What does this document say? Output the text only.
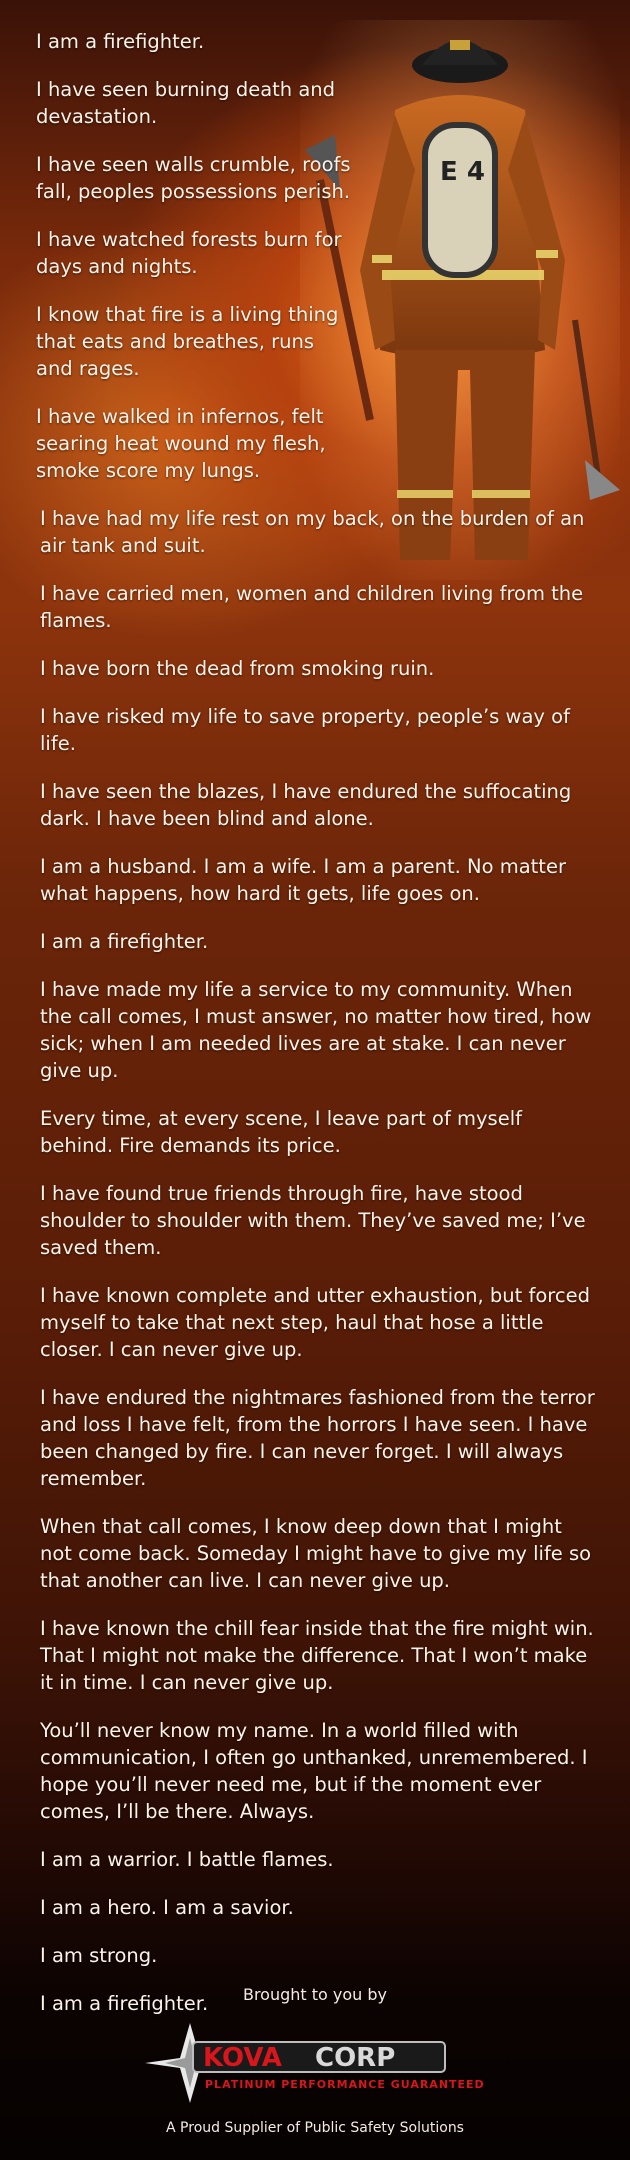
E 4

I am a firefighter.

I have seen burning death and devastation.

I have seen walls crumble, roofs fall, peoples possessions perish.

I have watched forests burn for days and nights.

I know that fire is a living thing that eats and breathes, runs and rages.

I have walked in infernos, felt searing heat wound my flesh, smoke score my lungs.

I have had my life rest on my back, on the burden of an air tank and suit.

I have carried men, women and children living from the flames.

I have born the dead from smoking ruin.

I have risked my life to save property, people’s way of life.

I have seen the blazes, I have endured the suffocating dark. I have been blind and alone.

I am a husband. I am a wife. I am a parent. No matter what happens, how hard it gets, life goes on.

I am a firefighter.

I have made my life a service to my community. When the call comes, I must answer, no matter how tired, how sick; when I am needed lives are at stake. I can never give up.

Every time, at every scene, I leave part of myself behind. Fire demands its price.

I have found true friends through fire, have stood shoulder to shoulder with them. They’ve saved me; I’ve saved them.

I have known complete and utter exhaustion, but forced myself to take that next step, haul that hose a little closer. I can never give up.

I have endured the nightmares fashioned from the terror and loss I have felt, from the horrors I have seen. I have been changed by fire. I can never forget. I will always remember.

When that call comes, I know deep down that I might not come back. Someday I might have to give my life so that another can live. I can never give up.

I have known the chill fear inside that the fire might win. That I might not make the difference. That I won’t make it in time. I can never give up.

You’ll never know my name. In a world filled with communication, I often go unthanked, unremembered. I hope you’ll never need me, but if the moment ever comes, I’ll be there. Always.

I am a warrior. I battle flames.

I am a hero. I am a savior.

I am strong.

I am a firefighter.	Brought to you by
KOVA CORP
PLATINUM PERFORMANCE GUARANTEED
A Proud Supplier of Public Safety Solutions
